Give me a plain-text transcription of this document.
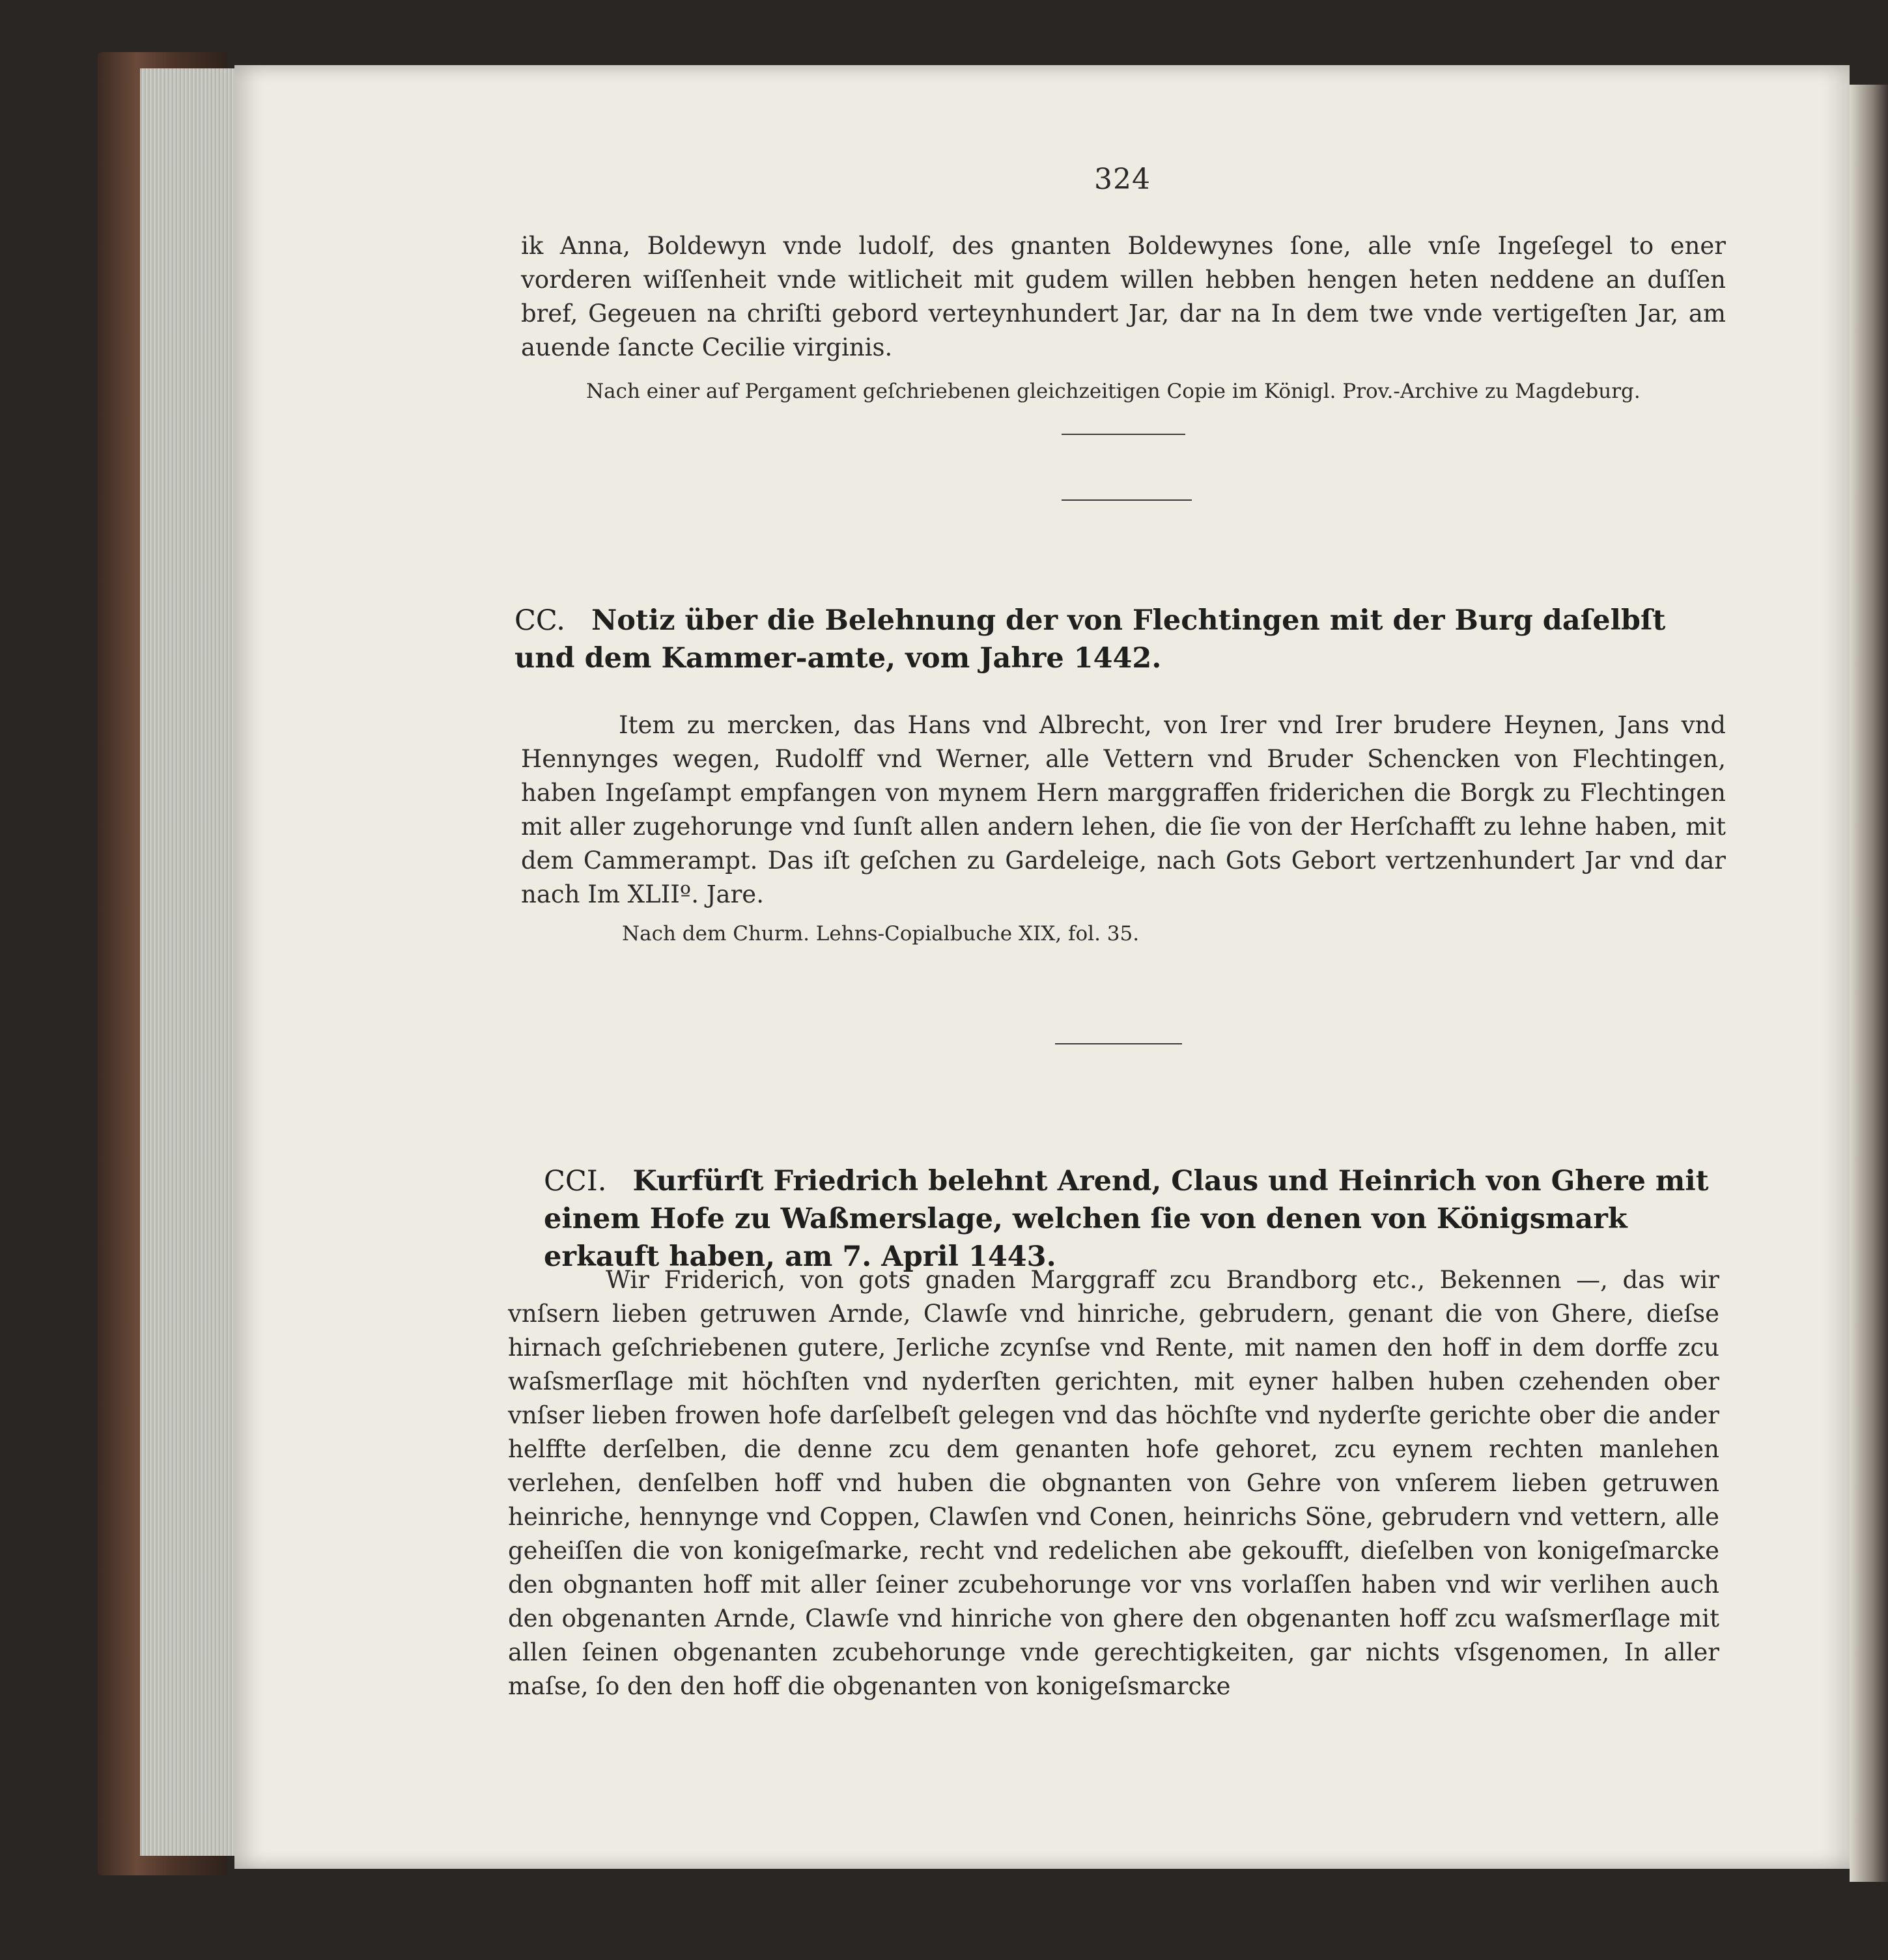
324

ik Anna, Boldewyn vnde ludolf, des gnanten Boldewynes ſone, alle vnſe Ingeſegel to ener vorderen wiſſenheit vnde witlicheit mit gudem willen hebben hengen heten neddene an duſſen bref, Gegeuen na chriſti gebord verteynhundert Jar, dar na In dem twe vnde vertigeſten Jar, am auende ſancte Cecilie virginis.

Nach einer auf Pergament geſchriebenen gleichzeitigen Copie im Königl. Prov.-Archive zu Magdeburg.
CC. Notiz über die Belehnung der von Flechtingen mit der Burg daſelbſt und dem Kammer-amte, vom Jahre 1442.

Item zu mercken, das Hans vnd Albrecht, von Irer vnd Irer brudere Heynen, Jans vnd Hennynges wegen, Rudolff vnd Werner, alle Vettern vnd Bruder Schencken von Flechtingen, haben Ingeſampt empfangen von mynem Hern marggraffen friderichen die Borgk zu Flechtingen mit aller zugehorunge vnd ſunſt allen andern lehen, die ſie von der Herſchafft zu lehne haben, mit dem Cammerampt. Das iſt geſchen zu Gardeleige, nach Gots Gebort vertzenhundert Jar vnd dar nach Im XLIIº. Jare.

Nach dem Churm. Lehns-Copialbuche XIX, fol. 35.
CCI. Kurfürſt Friedrich belehnt Arend, Claus und Heinrich von Ghere mit einem Hofe zu Waßmerslage, welchen ſie von denen von Königsmark erkauft haben, am 7. April 1443.

Wir Friderich, von gots gnaden Marggraff zcu Brandborg etc., Bekennen —, das wir vnſsern lieben getruwen Arnde, Clawſe vnd hinriche, gebrudern, genant die von Ghere, dieſse hirnach geſchriebenen gutere, Jerliche zcynſse vnd Rente, mit namen den hoff in dem dorffe zcu waſsmerſlage mit höchſten vnd nyderſten gerichten, mit eyner halben huben czehenden ober vnſser lieben frowen hofe darſelbeſt gelegen vnd das höchſte vnd nyderſte gerichte ober die ander helffte derſelben, die denne zcu dem genanten hofe gehoret, zcu eynem rechten manlehen verlehen, denſelben hoff vnd huben die obgnanten von Gehre von vnſerem lieben getruwen heinriche, hennynge vnd Coppen, Clawſen vnd Conen, heinrichs Söne, gebrudern vnd vettern, alle geheiſſen die von konigeſmarke, recht vnd redelichen abe gekoufft, dieſelben von konigeſmarcke den obgnanten hoff mit aller ſeiner zcubehorunge vor vns vorlaſſen haben vnd wir verlihen auch den obgenanten Arnde, Clawſe vnd hinriche von ghere den obgenanten hoff zcu waſsmerſlage mit allen ſeinen obgenanten zcubehorunge vnde gerechtigkeiten, gar nichts vſsgenomen, In aller maſse, ſo den den hoff die obgenanten von konigeſsmarcke
